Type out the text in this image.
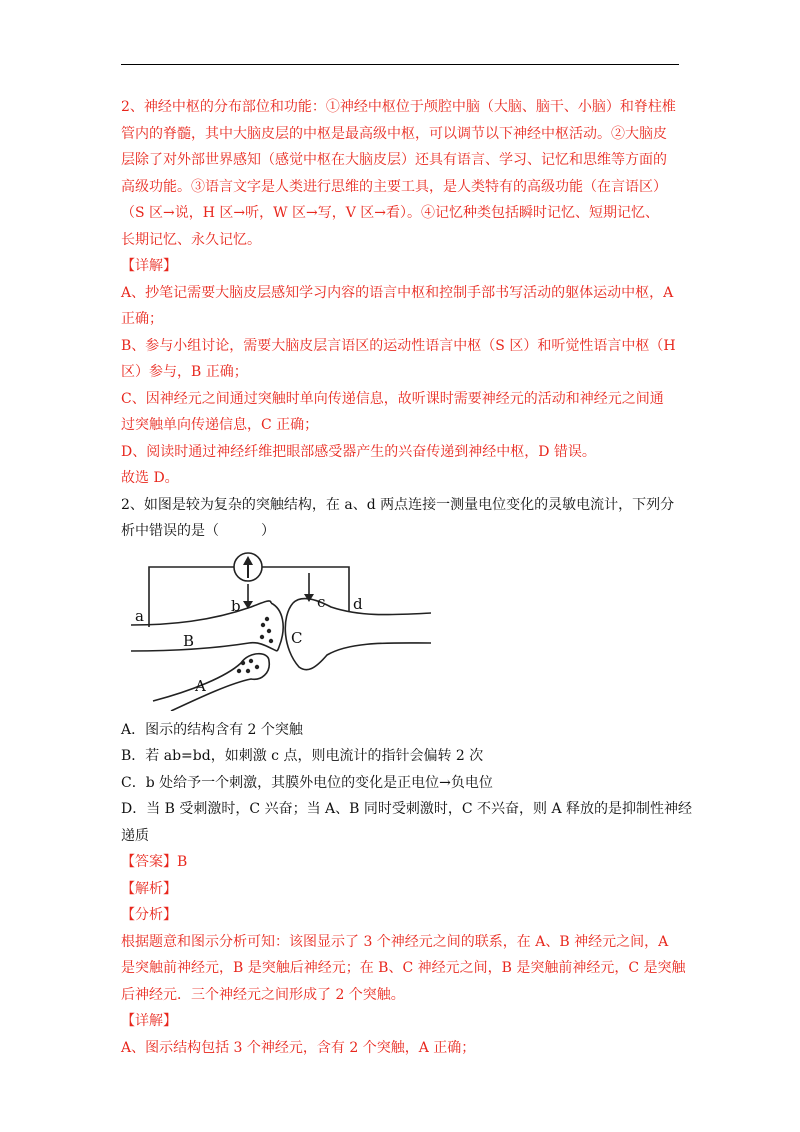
2、神经中枢的分布部位和功能：①神经中枢位于颅腔中脑（大脑、脑干、小脑）和脊柱椎
管内的脊髓，其中大脑皮层的中枢是最高级中枢，可以调节以下神经中枢活动。②大脑皮
层除了对外部世界感知（感觉中枢在大脑皮层）还具有语言、学习、记忆和思维等方面的
高级功能。③语言文字是人类进行思维的主要工具，是人类特有的高级功能（在言语区）
（S 区→说，H 区→听，W 区→写，V 区→看）。④记忆种类包括瞬时记忆、短期记忆、
长期记忆、永久记忆。
【详解】
A、抄笔记需要大脑皮层感知学习内容的语言中枢和控制手部书写活动的躯体运动中枢，A
正确；
B、参与小组讨论，需要大脑皮层言语区的运动性语言中枢（S 区）和听觉性语言中枢（H
区）参与，B 正确；
C、因神经元之间通过突触时单向传递信息，故听课时需要神经元的活动和神经元之间通
过突触单向传递信息，C 正确；
D、阅读时通过神经纤维把眼部感受器产生的兴奋传递到神经中枢，D 错误。
故选 D。
2、如图是较为复杂的突触结构，在 a、d 两点连接一测量电位变化的灵敏电流计，下列分
析中错误的是（　　　）
a
b	c d
B	C
A
A．图示的结构含有 2 个突触
B．若 ab=bd，如刺激 c 点，则电流计的指针会偏转 2 次
C．b 处给予一个刺激，其膜外电位的变化是正电位→负电位
D．当 B 受刺激时，C 兴奋；当 A、B 同时受刺激时，C 不兴奋，则 A 释放的是抑制性神经
递质
【答案】B
【解析】
【分析】
根据题意和图示分析可知：该图显示了 3 个神经元之间的联系，在 A、B 神经元之间，A
是突触前神经元，B 是突触后神经元；在 B、C 神经元之间，B 是突触前神经元，C 是突触
后神经元．三个神经元之间形成了 2 个突触。
【详解】
A、图示结构包括 3 个神经元，含有 2 个突触，A 正确；
